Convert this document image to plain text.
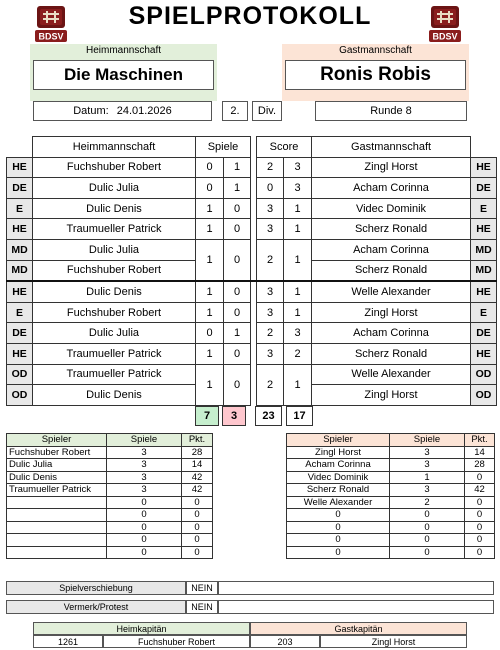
BDSV	BDSV
SPIELPROTOKOLL
Heimmannschaft
Die Maschinen
Gastmannschaft
Ronis Robis
Datum: 24.01.2026	2.	Div.	Runde 8
	Heimmannschaft	Spiele			Score		Gastmannschaft	
HE	Fuchshuber Robert	0	1		2	3	Zingl Horst	HE
DE	Dulic Julia	0	1		0	3	Acham Corinna	DE
E	Dulic Denis	1	0		3	1	Videc Dominik	E
HE	Traumueller Patrick	1	0		3	1	Scherz Ronald	HE
MD	Dulic Julia	1	0		2	1	Acham Corinna	MD
MD	Fuchshuber Robert						Scherz Ronald	MD
HE	Dulic Denis	1	0		3	1	Welle Alexander	HE
E	Fuchshuber Robert	1	0		3	1	Zingl Horst	E
DE	Dulic Julia	0	1		2	3	Acham Corinna	DE
HE	Traumueller Patrick	1	0		3	2	Scherz Ronald	HE
OD	Traumueller Patrick	1	0		2	1	Welle Alexander	OD
OD	Dulic Denis						Zingl Horst	OD
7	3	23	17
Spieler	Spiele	Pkt.
Fuchshuber Robert	3	28
Dulic Julia	3	14
Dulic Denis	3	42
Traumueller Patrick	3	42
	0	0
	0	0
	0	0
	0	0
	0	0
Spieler	Spiele	Pkt.
Zingl Horst	3	14
Acham Corinna	3	28
Videc Dominik	1	0
Scherz Ronald	3	42
Welle Alexander	2	0
0	0	0
0	0	0
0	0	0
0	0	0
Spielverschiebung	NEIN
Vermerk/Protest	NEIN
Heimkapitän	Gastkapitän
1261	Fuchshuber Robert	203	Zingl Horst
